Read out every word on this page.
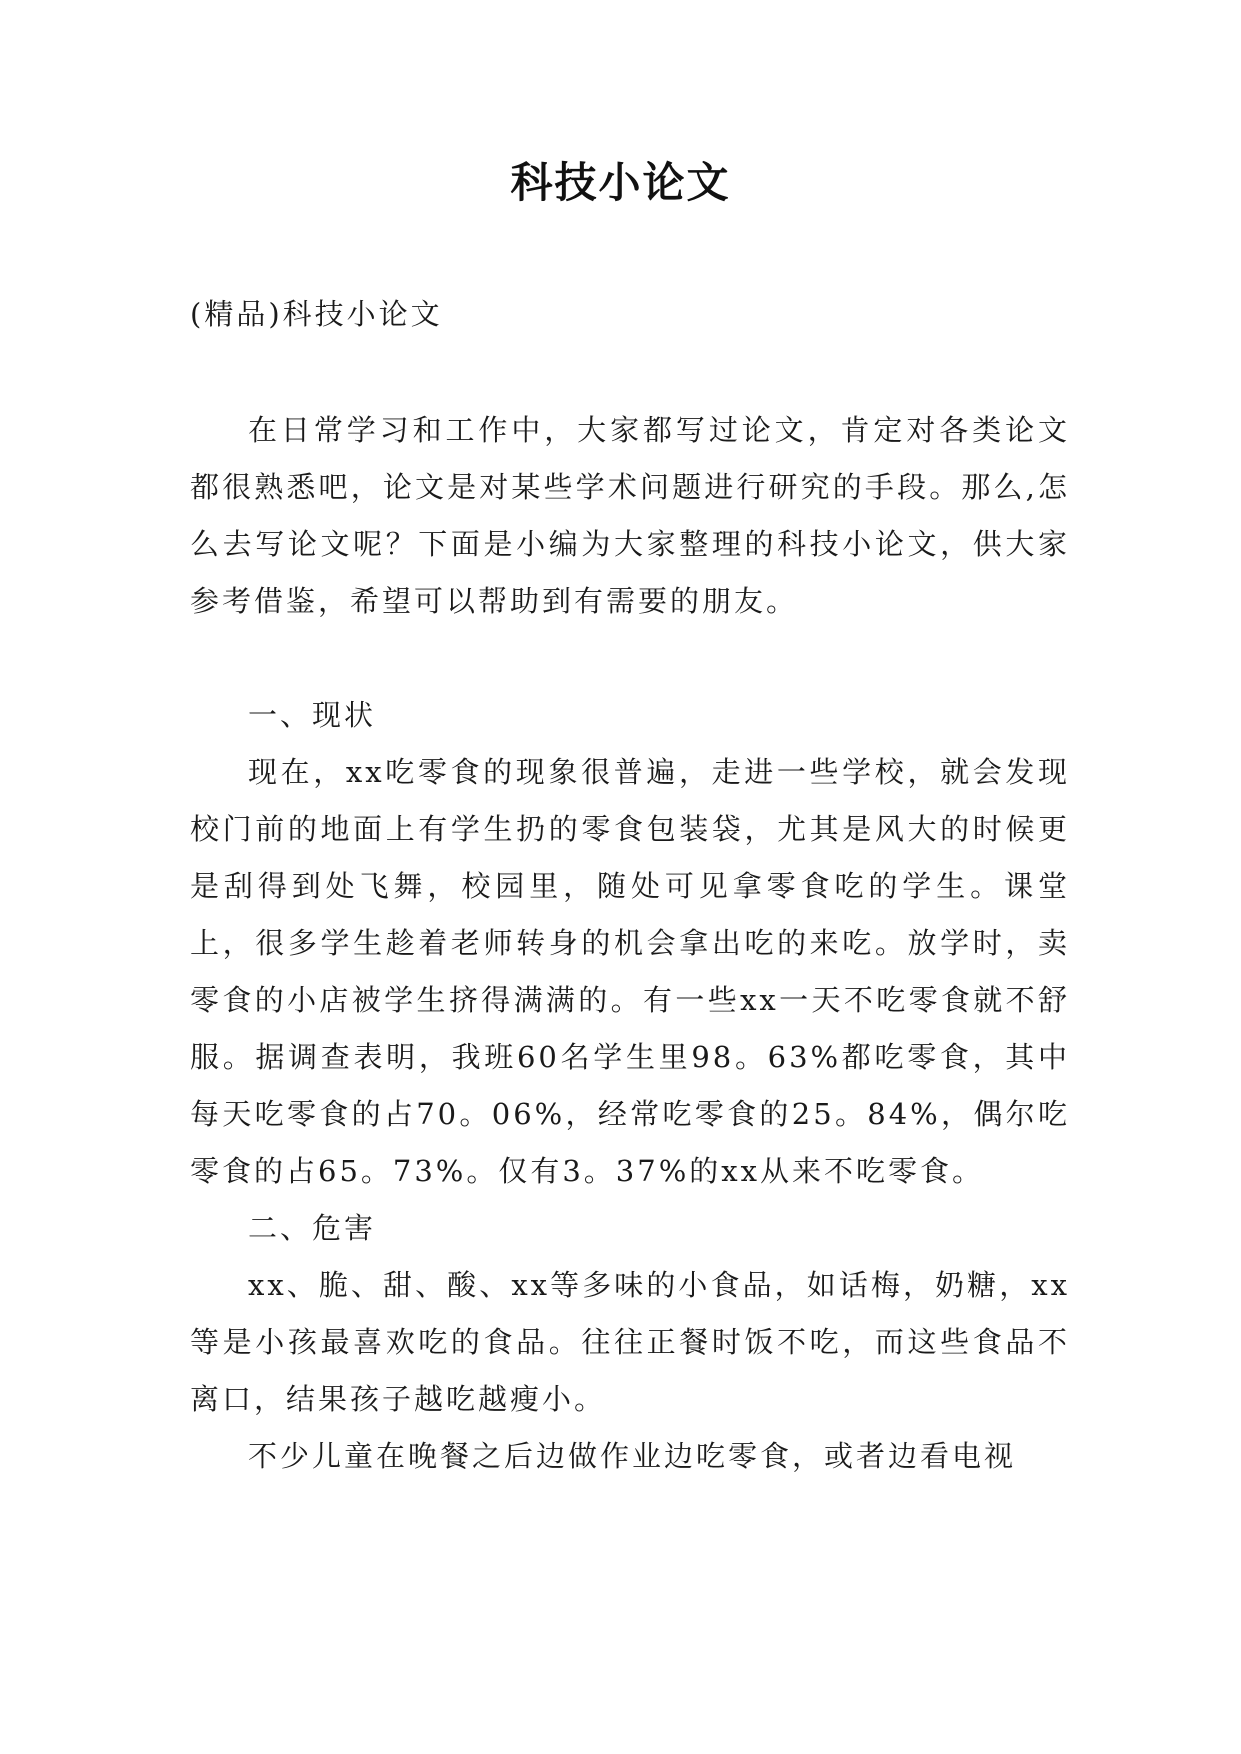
科技小论文
(精品)科技小论文

在日常学习和工作中，大家都写过论文，肯定对各类论文都很熟悉吧，论文是对某些学术问题进行研究的手段。那么,怎么去写论文呢？下面是小编为大家整理的科技小论文，供大家参考借鉴，希望可以帮助到有需要的朋友。

一、现状

现在，xx吃零食的现象很普遍，走进一些学校，就会发现校门前的地面上有学生扔的零食包装袋，尤其是风大的时候更是刮得到处飞舞，校园里，随处可见拿零食吃的学生。课堂上，很多学生趁着老师转身的机会拿出吃的来吃。放学时，卖零食的小店被学生挤得满满的。有一些xx一天不吃零食就不舒服。据调查表明，我班60名学生里98。63%都吃零食，其中每天吃零食的占70。06%，经常吃零食的25。84%，偶尔吃零食的占65。73%。仅有3。37%的xx从来不吃零食。

二、危害

xx、脆、甜、酸、xx等多味的小食品，如话梅，奶糖，xx等是小孩最喜欢吃的食品。往往正餐时饭不吃，而这些食品不离口，结果孩子越吃越瘦小。

不少儿童在晚餐之后边做作业边吃零食，或者边看电视
